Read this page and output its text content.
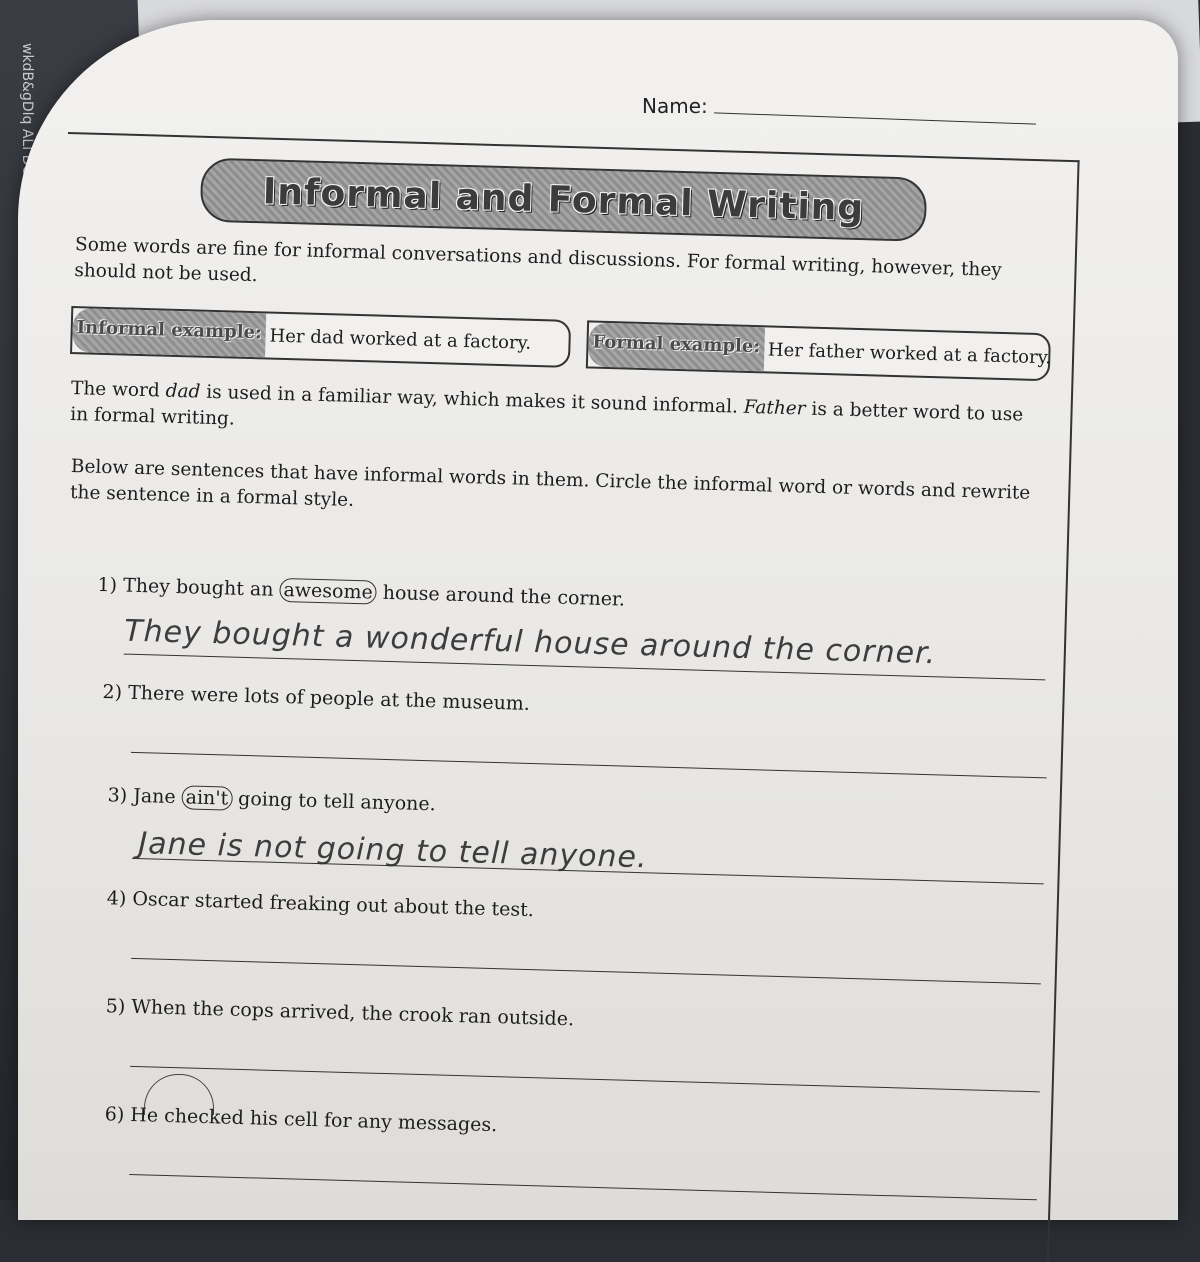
wkdB&gDlq ALl DOC	Name:
Informal and Formal Writing
Some words are fine for informal conversations and discussions. For formal writing, however, they should not be used.
Informal example: Her dad worked at a factory.	Formal example: Her father worked at a factory.
The word dad is used in a familiar way, which makes it sound informal. Father is a better word to use in formal writing.
Below are sentences that have informal words in them. Circle the informal word or words and rewrite the sentence in a formal style.
1) They bought an awesome house around the corner.
They bought a wonderful house around the corner.
2) There were lots of people at the museum.
3) Jane ain't going to tell anyone.
Jane is not going to tell anyone.
4) Oscar started freaking out about the test.
5) When the cops arrived, the crook ran outside.
6) He checked his cell for any messages.
